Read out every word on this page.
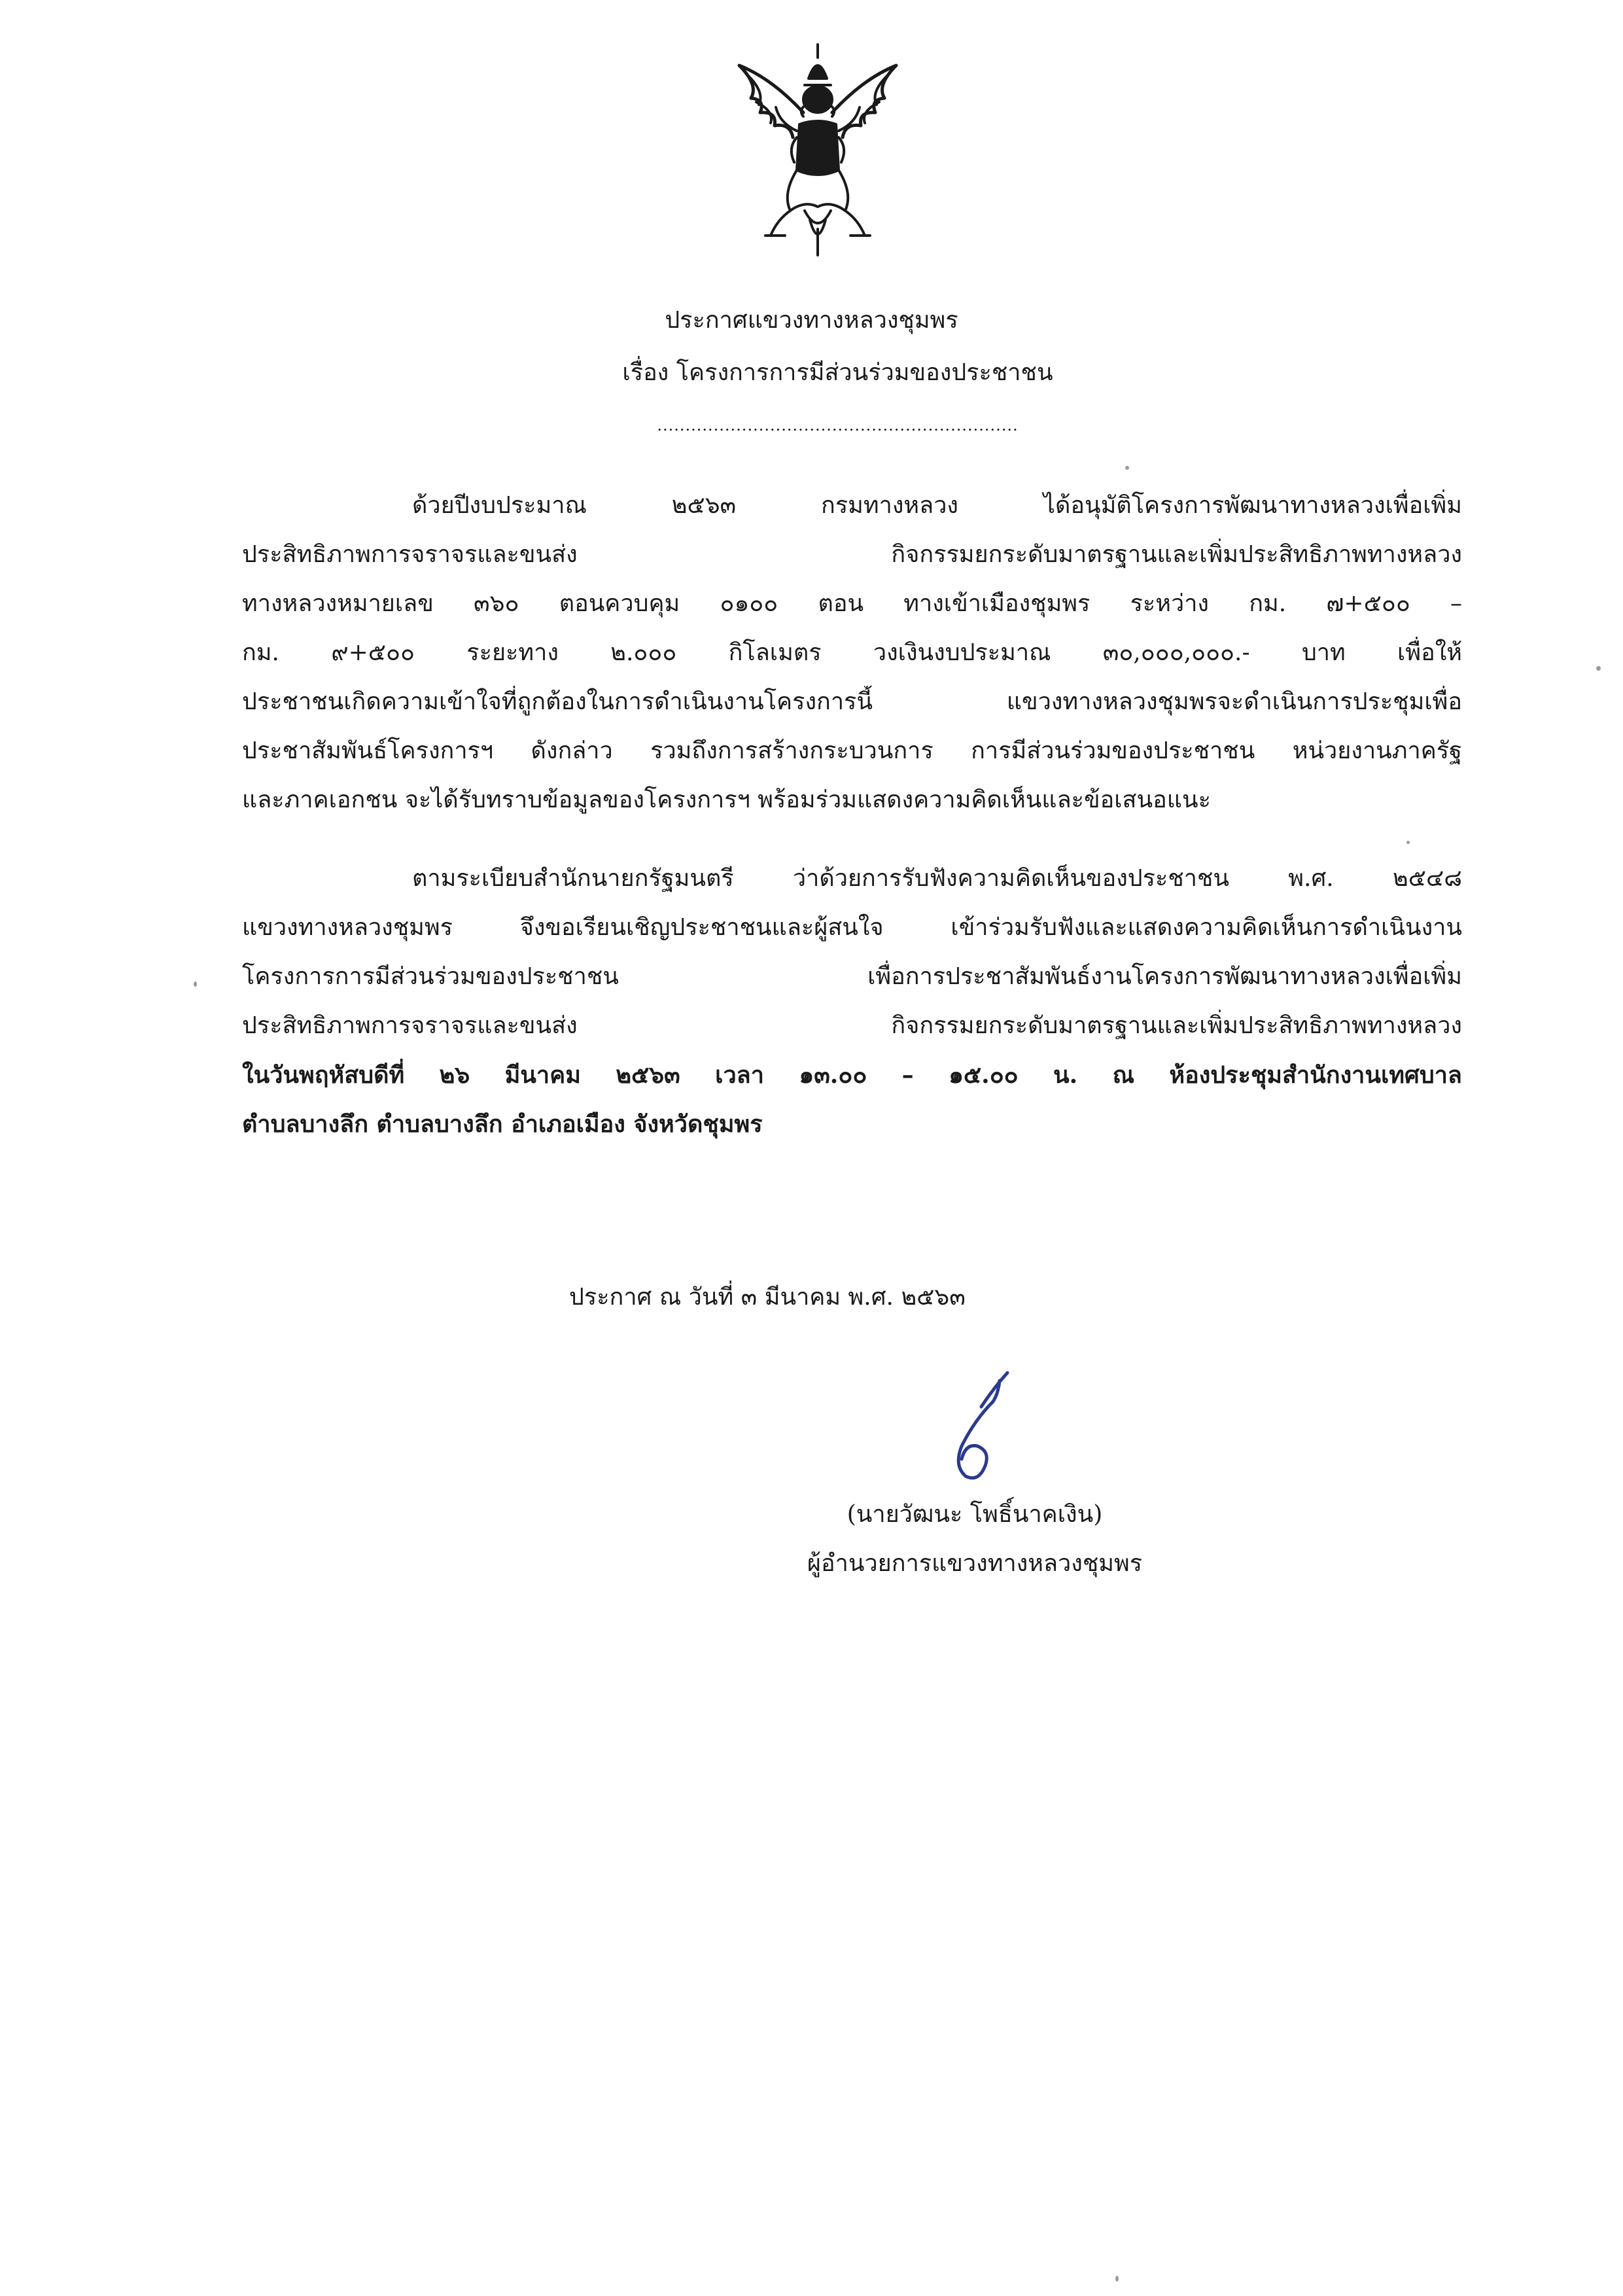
ประกาศแขวงทางหลวงชุมพร
เรื่อง โครงการการมีส่วนร่วมของประชาชน
................................................................
ด้วยปีงบประมาณ ๒๕๖๓ กรมทางหลวง ได้อนุมัติโครงการพัฒนาทางหลวงเพื่อเพิ่ม
ประสิทธิภาพการจราจรและขนส่ง กิจกรรมยกระดับมาตรฐานและเพิ่มประสิทธิภาพทางหลวง
ทางหลวงหมายเลข ๓๖๐ ตอนควบคุม ๐๑๐๐ ตอน ทางเข้าเมืองชุมพร ระหว่าง กม. ๗+๕๐๐ –
กม. ๙+๕๐๐ ระยะทาง ๒.๐๐๐ กิโลเมตร วงเงินงบประมาณ ๓๐,๐๐๐,๐๐๐.- บาท เพื่อให้
ประชาชนเกิดความเข้าใจที่ถูกต้องในการดำเนินงานโครงการนี้ แขวงทางหลวงชุมพรจะดำเนินการประชุมเพื่อ
ประชาสัมพันธ์โครงการฯ ดังกล่าว รวมถึงการสร้างกระบวนการ การมีส่วนร่วมของประชาชน หน่วยงานภาครัฐ
และภาคเอกชน จะได้รับทราบข้อมูลของโครงการฯ พร้อมร่วมแสดงความคิดเห็นและข้อเสนอแนะ
ตามระเบียบสำนักนายกรัฐมนตรี ว่าด้วยการรับฟังความคิดเห็นของประชาชน พ.ศ. ๒๕๔๘
แขวงทางหลวงชุมพร จึงขอเรียนเชิญประชาชนและผู้สนใจ เข้าร่วมรับฟังและแสดงความคิดเห็นการดำเนินงาน
โครงการการมีส่วนร่วมของประชาชน เพื่อการประชาสัมพันธ์งานโครงการพัฒนาทางหลวงเพื่อเพิ่ม
ประสิทธิภาพการจราจรและขนส่ง กิจกรรมยกระดับมาตรฐานและเพิ่มประสิทธิภาพทางหลวง
ในวันพฤหัสบดีที่ ๒๖ มีนาคม ๒๕๖๓ เวลา ๑๓.๐๐ – ๑๕.๐๐ น. ณ ห้องประชุมสำนักงานเทศบาล
ตำบลบางลึก ตำบลบางลึก อำเภอเมือง จังหวัดชุมพร
ประกาศ ณ วันที่ ๓ มีนาคม พ.ศ. ๒๕๖๓
(นายวัฒนะ โพธิ์นาคเงิน)
ผู้อำนวยการแขวงทางหลวงชุมพร
